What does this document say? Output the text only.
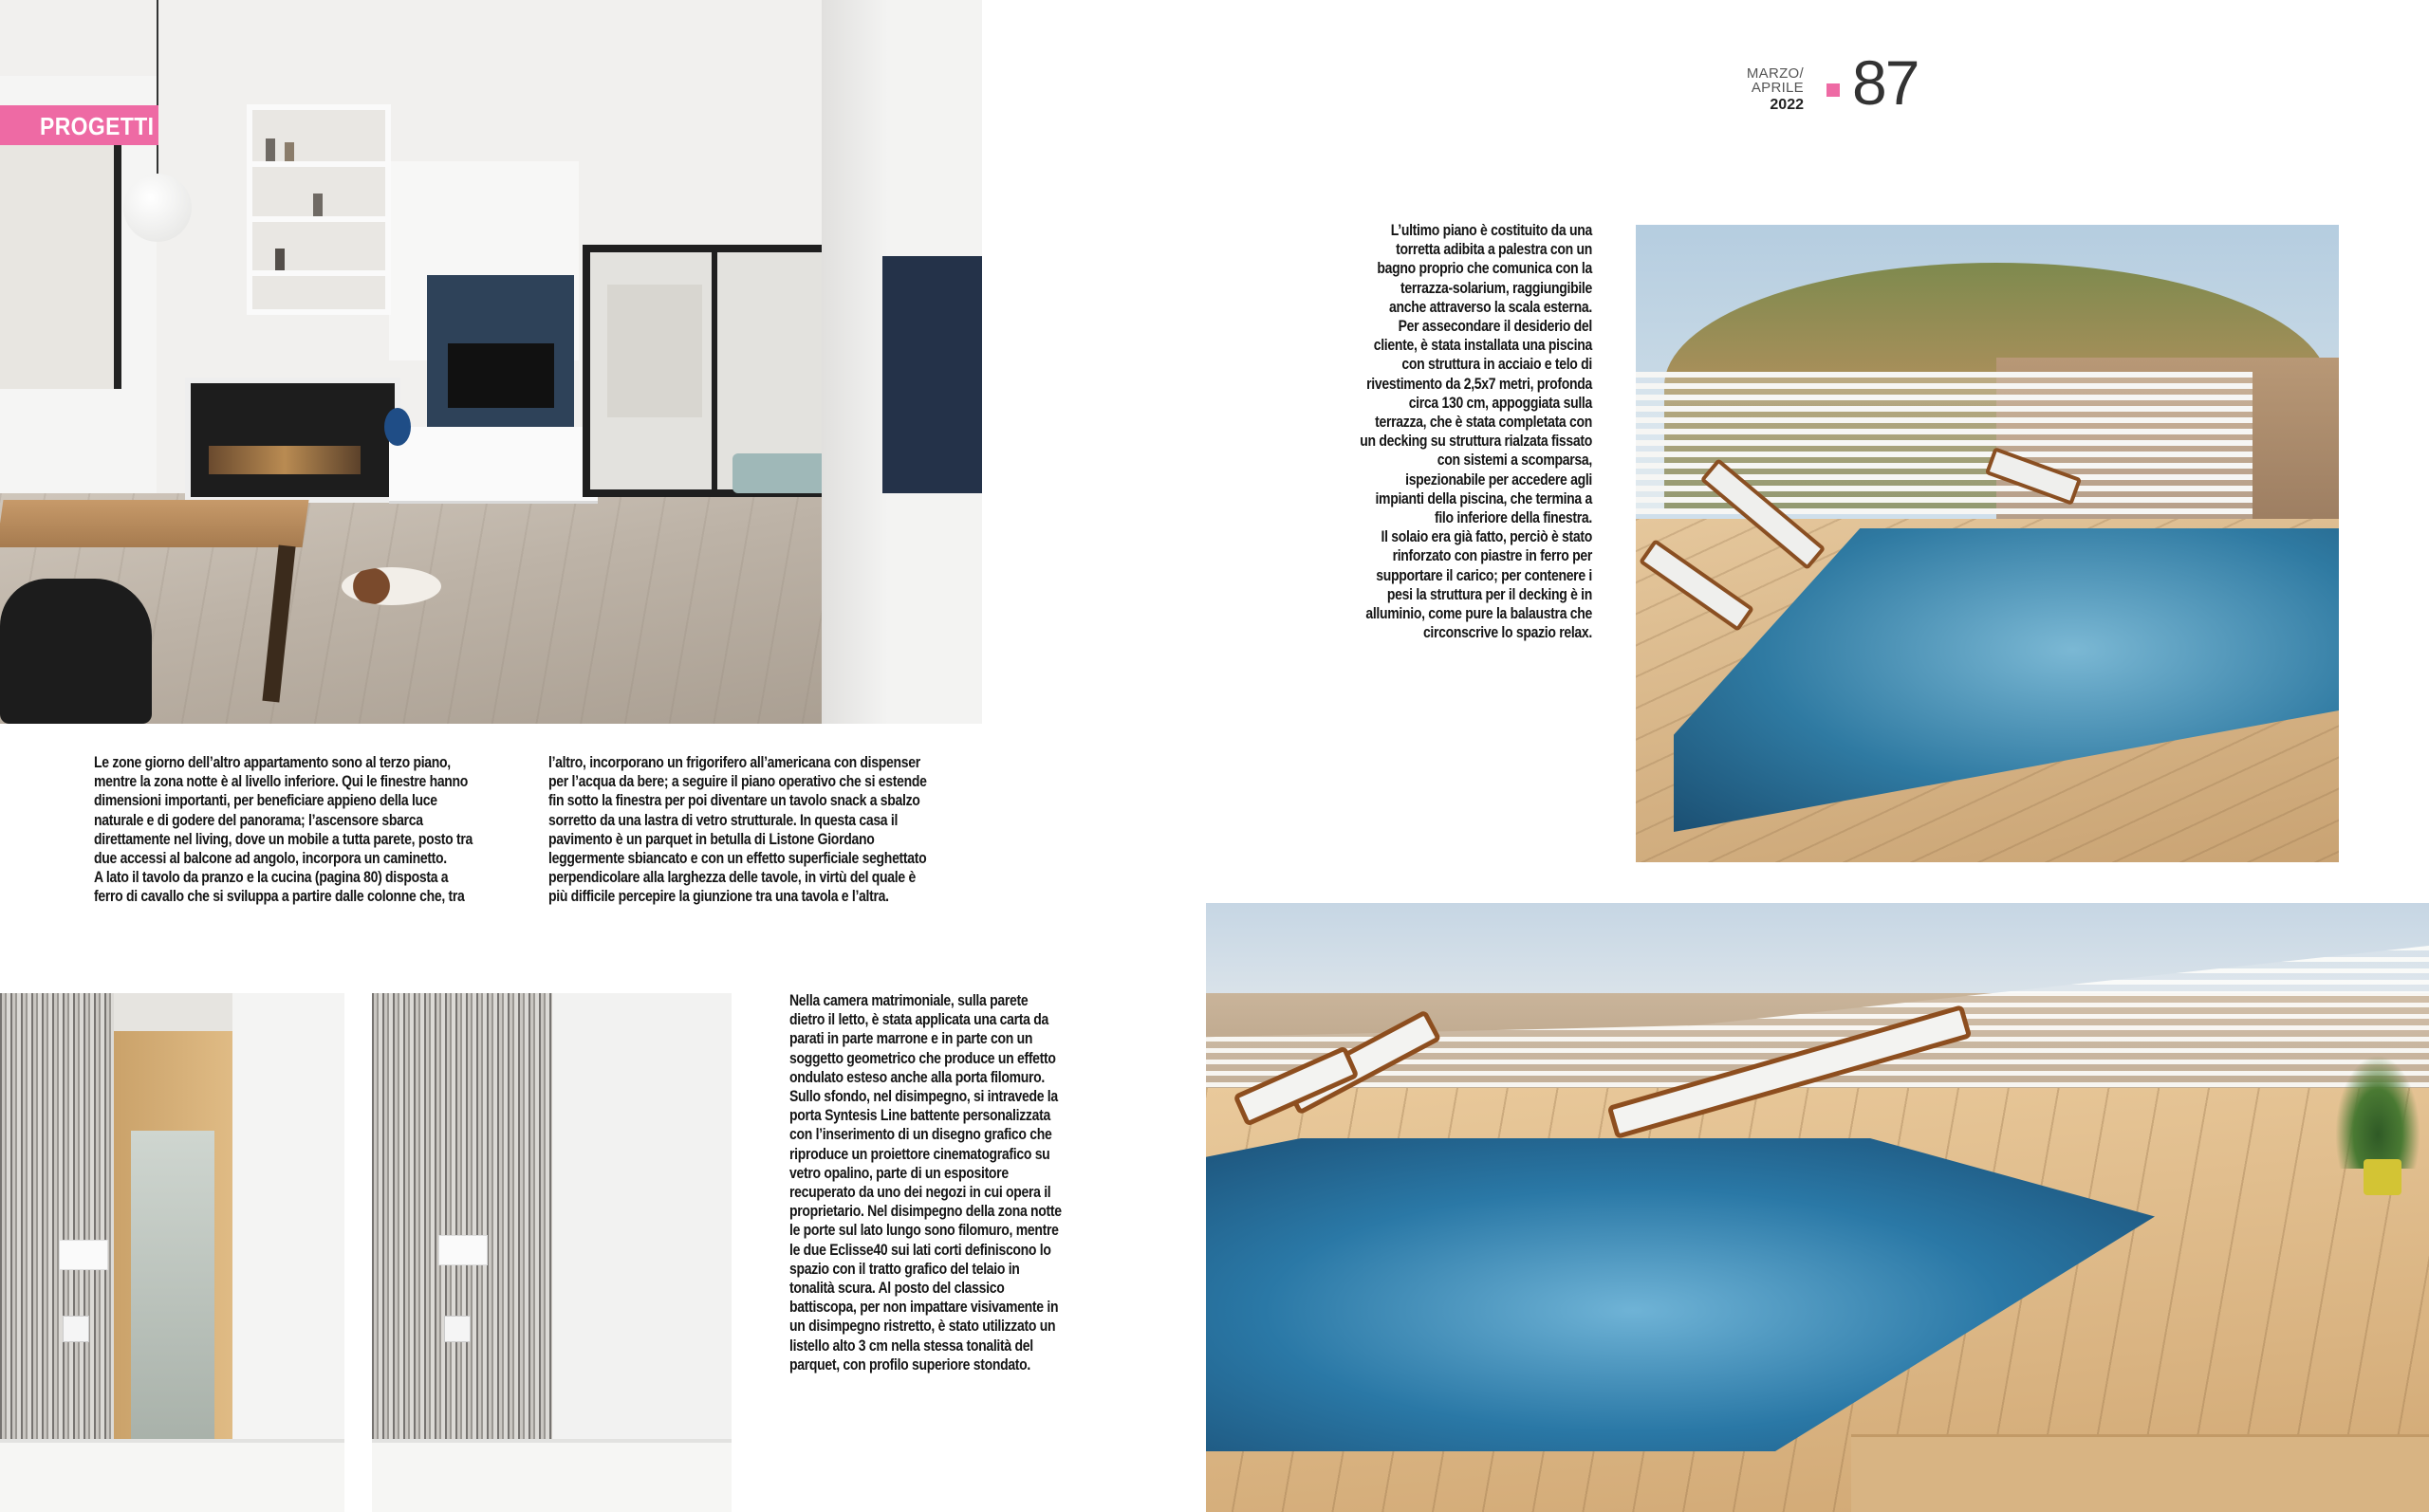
PROGETTI
MARZO/
APRILE
2022 87

L’ultimo piano è costituito da una
torretta adibita a palestra con un
bagno proprio che comunica con la
terrazza-solarium, raggiungibile
anche attraverso la scala esterna.
Per assecondare il desiderio del
cliente, è stata installata una piscina
con struttura in acciaio e telo di
rivestimento da 2,5x7 metri, profonda
circa 130 cm, appoggiata sulla
terrazza, che è stata completata con
un decking su struttura rialzata fissato
con sistemi a scomparsa,
ispezionabile per accedere agli
impianti della piscina, che termina a
filo inferiore della finestra.
Il solaio era già fatto, perciò è stato
rinforzato con piastre in ferro per
supportare il carico; per contenere i
pesi la struttura per il decking è in
alluminio, come pure la balaustra che
circonscrive lo spazio relax.

Le zone giorno dell’altro appartamento sono al terzo piano,
mentre la zona notte è al livello inferiore. Qui le finestre hanno
dimensioni importanti, per beneficiare appieno della luce
naturale e di godere del panorama; l’ascensore sbarca
direttamente nel living, dove un mobile a tutta parete, posto tra
due accessi al balcone ad angolo, incorpora un caminetto.
A lato il tavolo da pranzo e la cucina (pagina 80) disposta a
ferro di cavallo che si sviluppa a partire dalle colonne che, tra

l’altro, incorporano un frigorifero all’americana con dispenser
per l’acqua da bere; a seguire il piano operativo che si estende
fin sotto la finestra per poi diventare un tavolo snack a sbalzo
sorretto da una lastra di vetro strutturale. In questa casa il
pavimento è un parquet in betulla di Listone Giordano
leggermente sbiancato e con un effetto superficiale seghettato
perpendicolare alla larghezza delle tavole, in virtù del quale è
più difficile percepire la giunzione tra una tavola e l’altra.

Nella camera matrimoniale, sulla parete
dietro il letto, è stata applicata una carta da
parati in parte marrone e in parte con un
soggetto geometrico che produce un effetto
ondulato esteso anche alla porta filomuro.
Sullo sfondo, nel disimpegno, si intravede la
porta Syntesis Line battente personalizzata
con l’inserimento di un disegno grafico che
riproduce un proiettore cinematografico su
vetro opalino, parte di un espositore
recuperato da uno dei negozi in cui opera il
proprietario. Nel disimpegno della zona notte
le porte sul lato lungo sono filomuro, mentre
le due Eclisse40 sui lati corti definiscono lo
spazio con il tratto grafico del telaio in
tonalità scura. Al posto del classico
battiscopa, per non impattare visivamente in
un disimpegno ristretto, è stato utilizzato un
listello alto 3 cm nella stessa tonalità del
parquet, con profilo superiore stondato.
